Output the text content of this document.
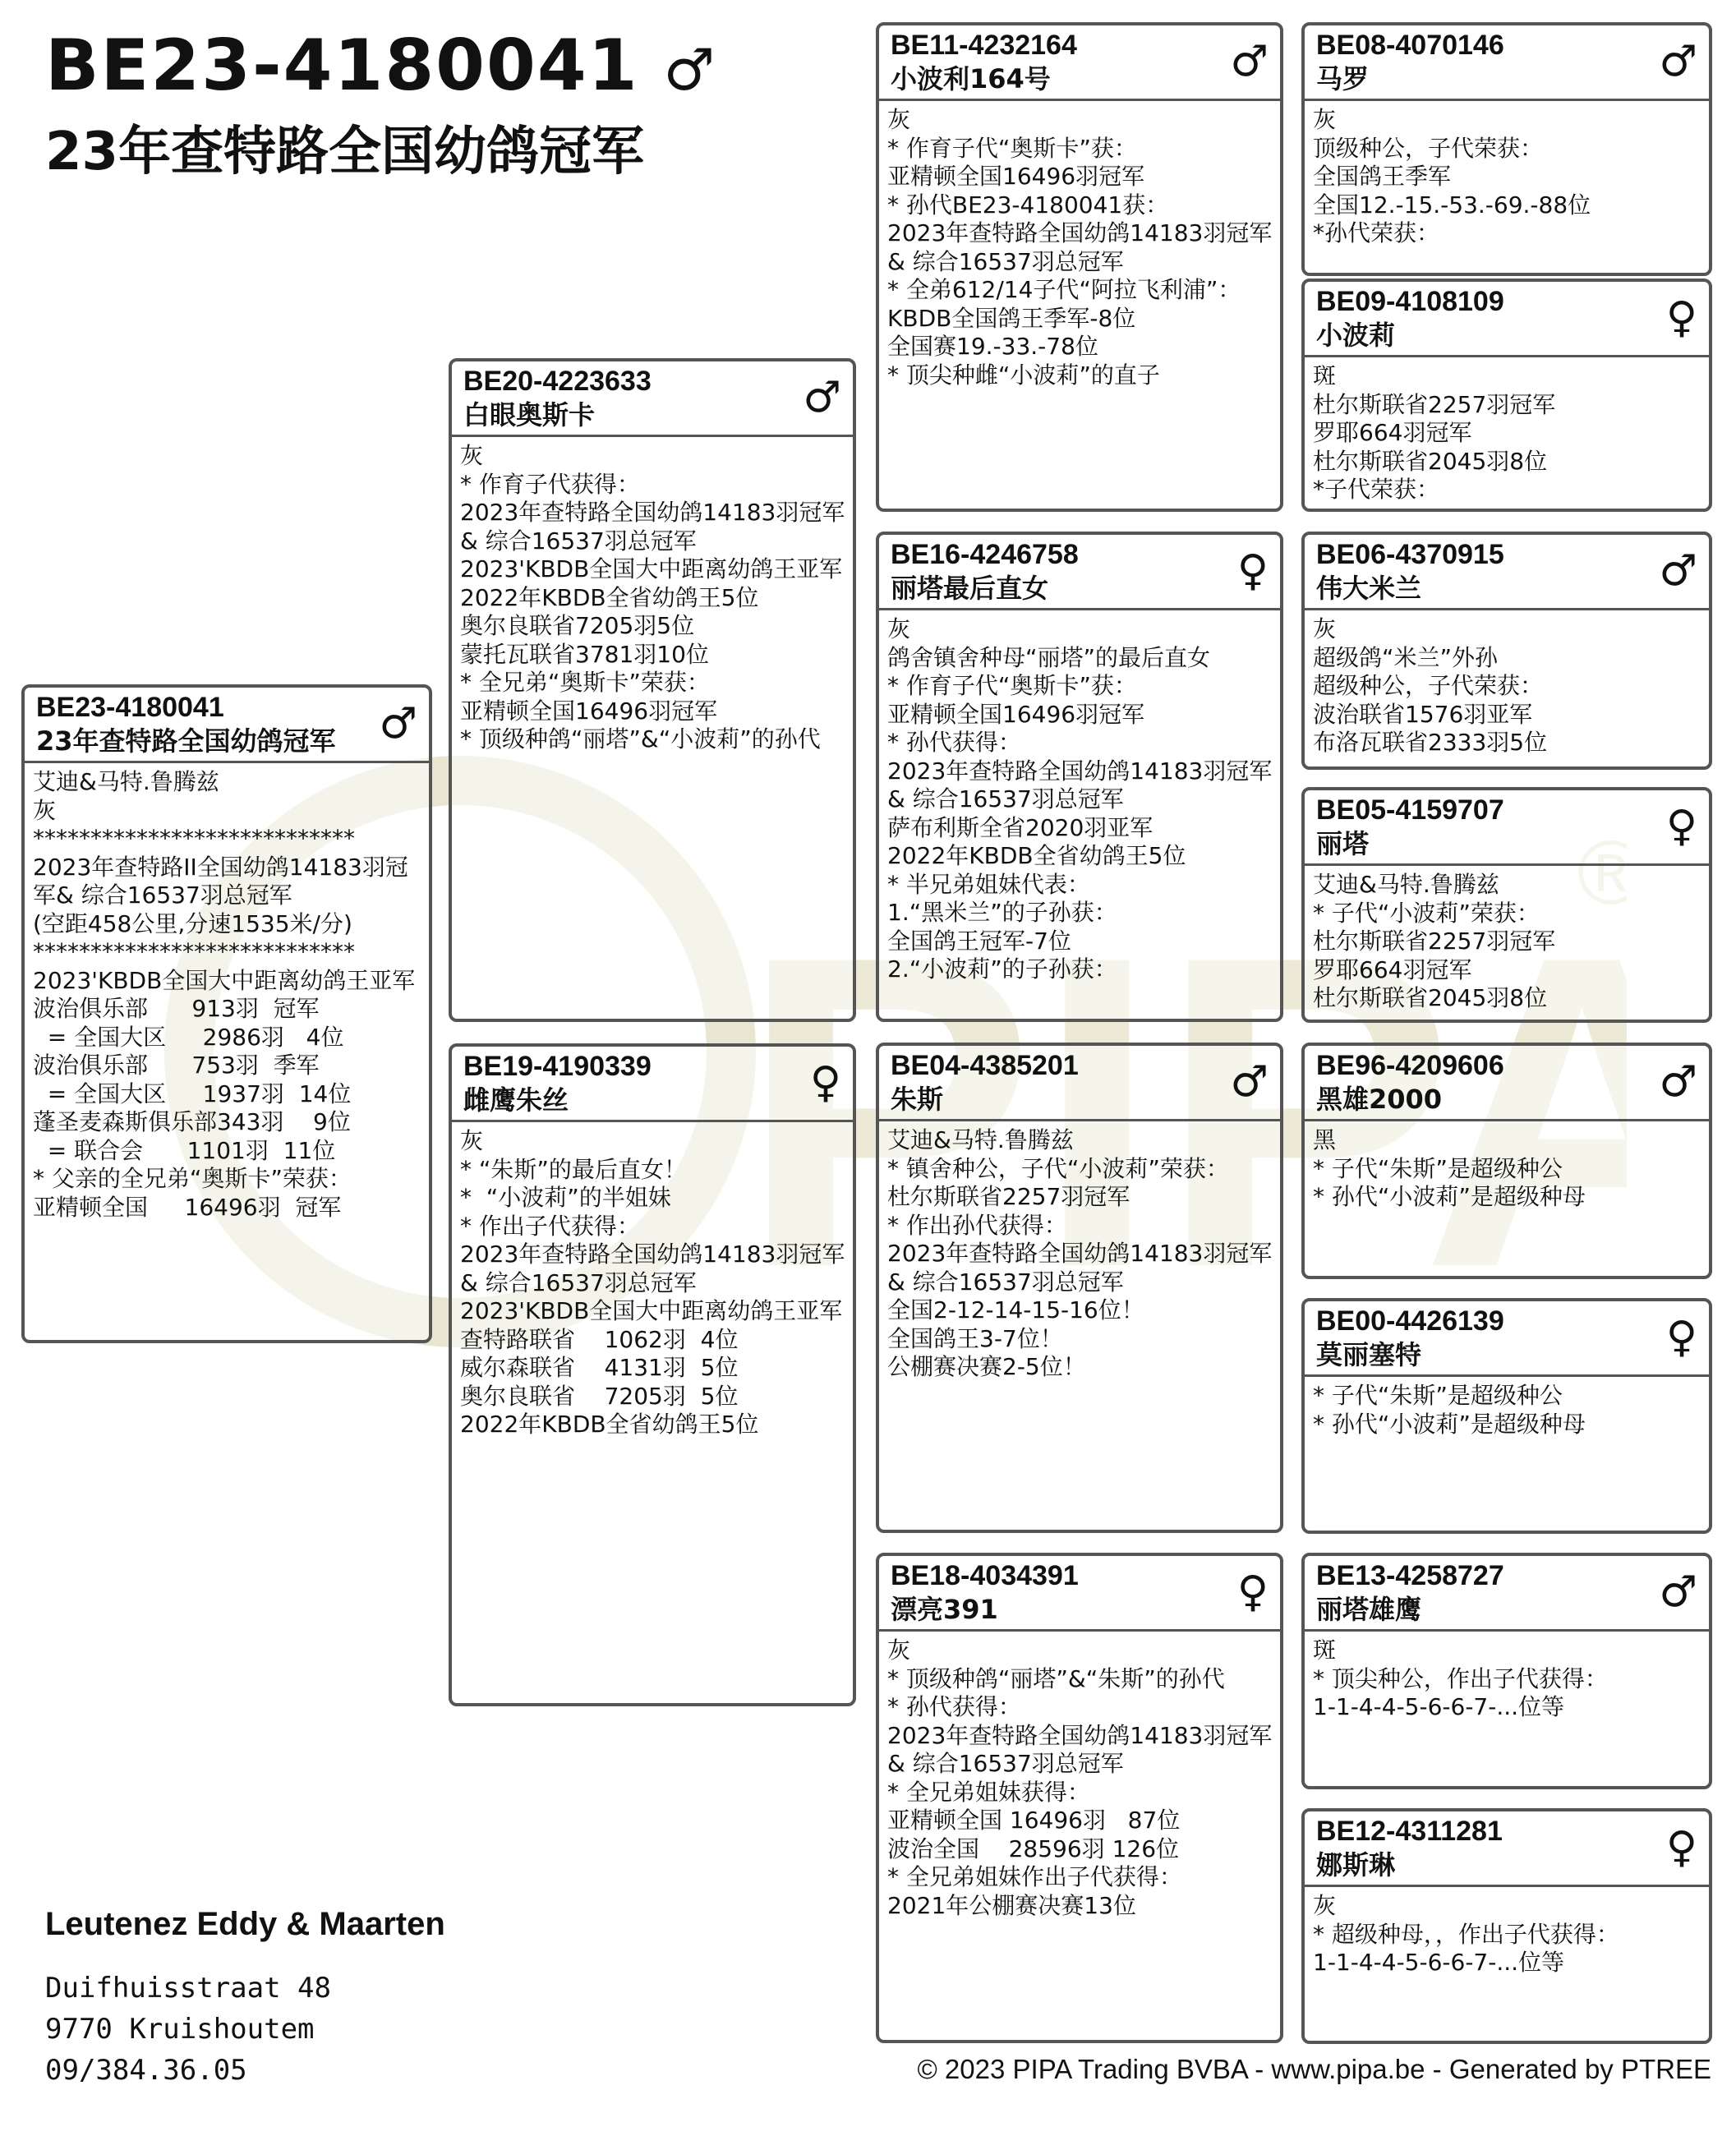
BE23-4180041 ♂
23年查特路全国幼鸽冠军
BE23-4180041
23年查特路全国幼鸽冠军	♂
艾迪&马特.鲁腾兹
灰
****************************
2023年查特路II全国幼鸽14183羽冠
军& 综合16537羽总冠军
(空距458公里,分速1535米/分)
****************************
2023'KBDB全国大中距离幼鸽王亚军
波治俱乐部      913羽  冠军
= 全国大区     2986羽   4位
波治俱乐部      753羽  季军
= 全国大区     1937羽  14位
蓬圣麦森斯俱乐部343羽    9位
= 联合会      1101羽  11位
* 父亲的全兄弟“奥斯卡”荣获：
亚精顿全国     16496羽  冠军
BE20-4223633
白眼奥斯卡	♂
灰
* 作育子代获得：
2023年查特路全国幼鸽14183羽冠军
& 综合16537羽总冠军
2023'KBDB全国大中距离幼鸽王亚军
2022年KBDB全省幼鸽王5位
奥尔良联省7205羽5位
蒙托瓦联省3781羽10位
* 全兄弟“奥斯卡”荣获：
亚精顿全国16496羽冠军
* 顶级种鸽“丽塔”&“小波莉”的孙代
BE19-4190339
雌鹰朱丝	♀
灰
* “朱斯”的最后直女！
*  “小波莉”的半姐妹
* 作出子代获得：
2023年查特路全国幼鸽14183羽冠军
& 综合16537羽总冠军
2023'KBDB全国大中距离幼鸽王亚军
查特路联省    1062羽  4位
威尔森联省    4131羽  5位
奥尔良联省    7205羽  5位
2022年KBDB全省幼鸽王5位
BE11-4232164
小波利164号	♂
灰
* 作育子代“奥斯卡”获：
亚精顿全国16496羽冠军
* 孙代BE23-4180041获：
2023年查特路全国幼鸽14183羽冠军
& 综合16537羽总冠军
* 全弟612/14子代“阿拉飞利浦”：
KBDB全国鸽王季军-8位
全国赛19.-33.-78位
* 顶尖种雌“小波莉”的直子
BE16-4246758
丽塔最后直女	♀
灰
鸽舍镇舍种母“丽塔”的最后直女
* 作育子代“奥斯卡”获：
亚精顿全国16496羽冠军
* 孙代获得：
2023年查特路全国幼鸽14183羽冠军
& 综合16537羽总冠军
萨布利斯全省2020羽亚军
2022年KBDB全省幼鸽王5位
* 半兄弟姐妹代表：
1.“黑米兰”的子孙获：
全国鸽王冠军-7位
2.“小波莉”的子孙获：
BE04-4385201
朱斯	♂
艾迪&马特.鲁腾兹
* 镇舍种公，子代“小波莉”荣获：
杜尔斯联省2257羽冠军
* 作出孙代获得：
2023年查特路全国幼鸽14183羽冠军
& 综合16537羽总冠军
全国2-12-14-15-16位！
全国鸽王3-7位！
公棚赛决赛2-5位！
BE18-4034391
漂亮391	♀
灰
* 顶级种鸽“丽塔”&“朱斯”的孙代
* 孙代获得：
2023年查特路全国幼鸽14183羽冠军
& 综合16537羽总冠军
* 全兄弟姐妹获得：
亚精顿全国 16496羽   87位
波治全国    28596羽 126位
* 全兄弟姐妹作出子代获得：
2021年公棚赛决赛13位
BE08-4070146
马罗	♂
灰
顶级种公，子代荣获：
全国鸽王季军
全国12.-15.-53.-69.-88位
*孙代荣获：
BE09-4108109
小波莉	♀
斑
杜尔斯联省2257羽冠军
罗耶664羽冠军
杜尔斯联省2045羽8位
*子代荣获：
BE06-4370915
伟大米兰	♂
灰
超级鸽“米兰”外孙
超级种公，子代荣获：
波治联省1576羽亚军
布洛瓦联省2333羽5位
BE05-4159707
丽塔	♀
艾迪&马特.鲁腾兹
* 子代“小波莉”荣获：
杜尔斯联省2257羽冠军
罗耶664羽冠军
杜尔斯联省2045羽8位
BE96-4209606
黑雄2000	♂
黑
* 子代“朱斯”是超级种公
* 孙代“小波莉”是超级种母
BE00-4426139
莫丽塞特	♀
* 子代“朱斯”是超级种公
* 孙代“小波莉”是超级种母
BE13-4258727
丽塔雄鹰	♂
斑
* 顶尖种公，作出子代获得：
1-1-4-4-5-6-6-7-...位等
BE12-4311281
娜斯琳	♀
灰
* 超级种母，，作出子代获得：
1-1-4-4-5-6-6-7-...位等
Leutenez Eddy & Maarten
Duifhuisstraat 48
9770 Kruishoutem
09/384.36.05	© 2023 PIPA Trading BVBA - www.pipa.be - Generated by PTREE
